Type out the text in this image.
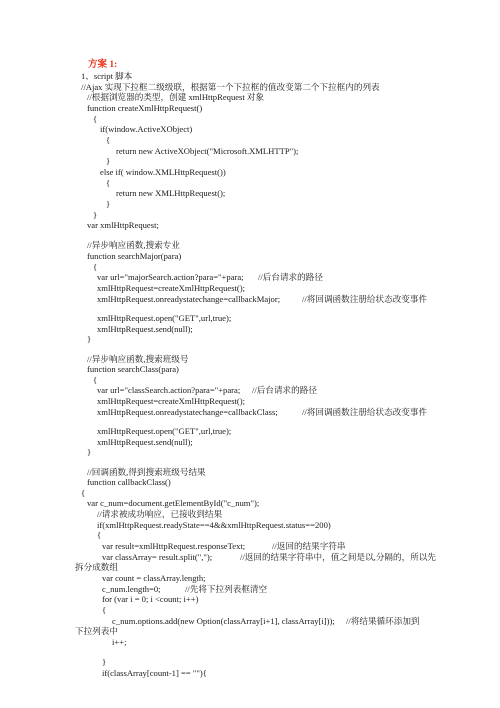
方案 1:
1、script 脚本
//Ajax 实现下拉框二级级联，根据第一个下拉框的值改变第二个下拉框内的列表
//根据浏览器的类型，创建 xmlHttpRequest 对象
function createXmlHttpRequest()
{
if(window.ActiveXObject)
{
return new ActiveXObject("Microsoft.XMLHTTP");
}
else if( window.XMLHttpRequest())
{
return new XMLHttpRequest();
}
}
var xmlHttpRequest;
//异步响应函数,搜索专业
function searchMajor(para)
{
var url="majorSearch.action?para="+para; //后台请求的路径
xmlHttpRequest=createXmlHttpRequest();
xmlHttpRequest.onreadystatechange=callbackMajor;	//将回调函数注册给状态改变事件
xmlHttpRequest.open("GET",url,true);
xmlHttpRequest.send(null);
}
//异步响应函数,搜索班级号
function searchClass(para)
{
var url="classSearch.action?para="+para; //后台请求的路径
xmlHttpRequest=createXmlHttpRequest();
xmlHttpRequest.onreadystatechange=callbackClass;	//将回调函数注册给状态改变事件
xmlHttpRequest.open("GET",url,true);
xmlHttpRequest.send(null);
}
//回调函数,得到搜索班级号结果
function callbackClass()
{
var c_num=document.getElementById("c_num");
//请求被成功响应，已接收到结果
if(xmlHttpRequest.readyState==4&&xmlHttpRequest.status==200)
{
var result=xmlHttpRequest.responseText;	//返回的结果字符串
var classArray= result.split(",");	//返回的结果字符串中，值之间是以,分隔的，所以先
拆分成数组
var count = classArray.length;
c_num.length=0;	//先将下拉列表框清空
for (var i = 0; i <count; i++)
{
c_num.options.add(new Option(classArray[i+1], classArray[i])); //将结果循环添加到
下拉列表中
i++;
}
if(classArray[count-1] == ""){
